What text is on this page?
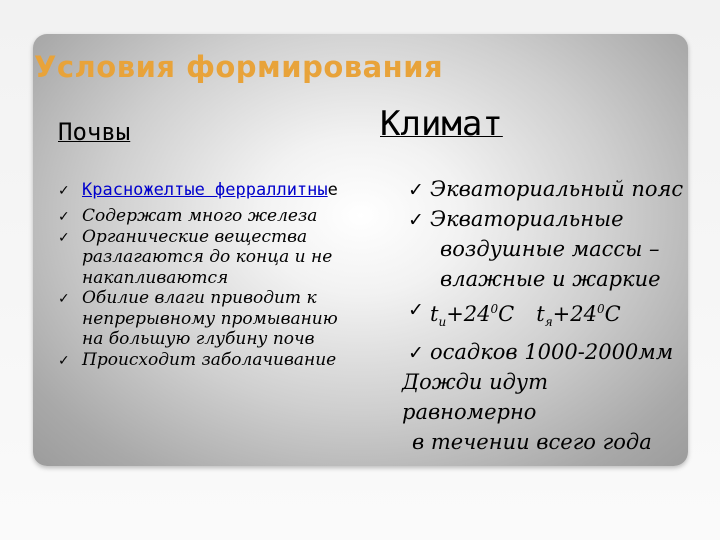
Условия формирования
Почвы	Климат
✓ Красножелтые ферраллитные
✓ Содержат много железа
✓ Органические вещества разлагаются до конца и не накапливаются
✓ Обилие влаги приводит к непрерывному промыванию на большую глубину почв
✓ Происходит заболачивание
✓ Экваториальный пояс
✓ Экваториальные
воздушные массы –
влажные и жаркие
✓ $t_и+24^0С$ $t_я+24^0С$
✓ осадков 1000-2000мм
Дожди идут равномерно
в течении всего года
